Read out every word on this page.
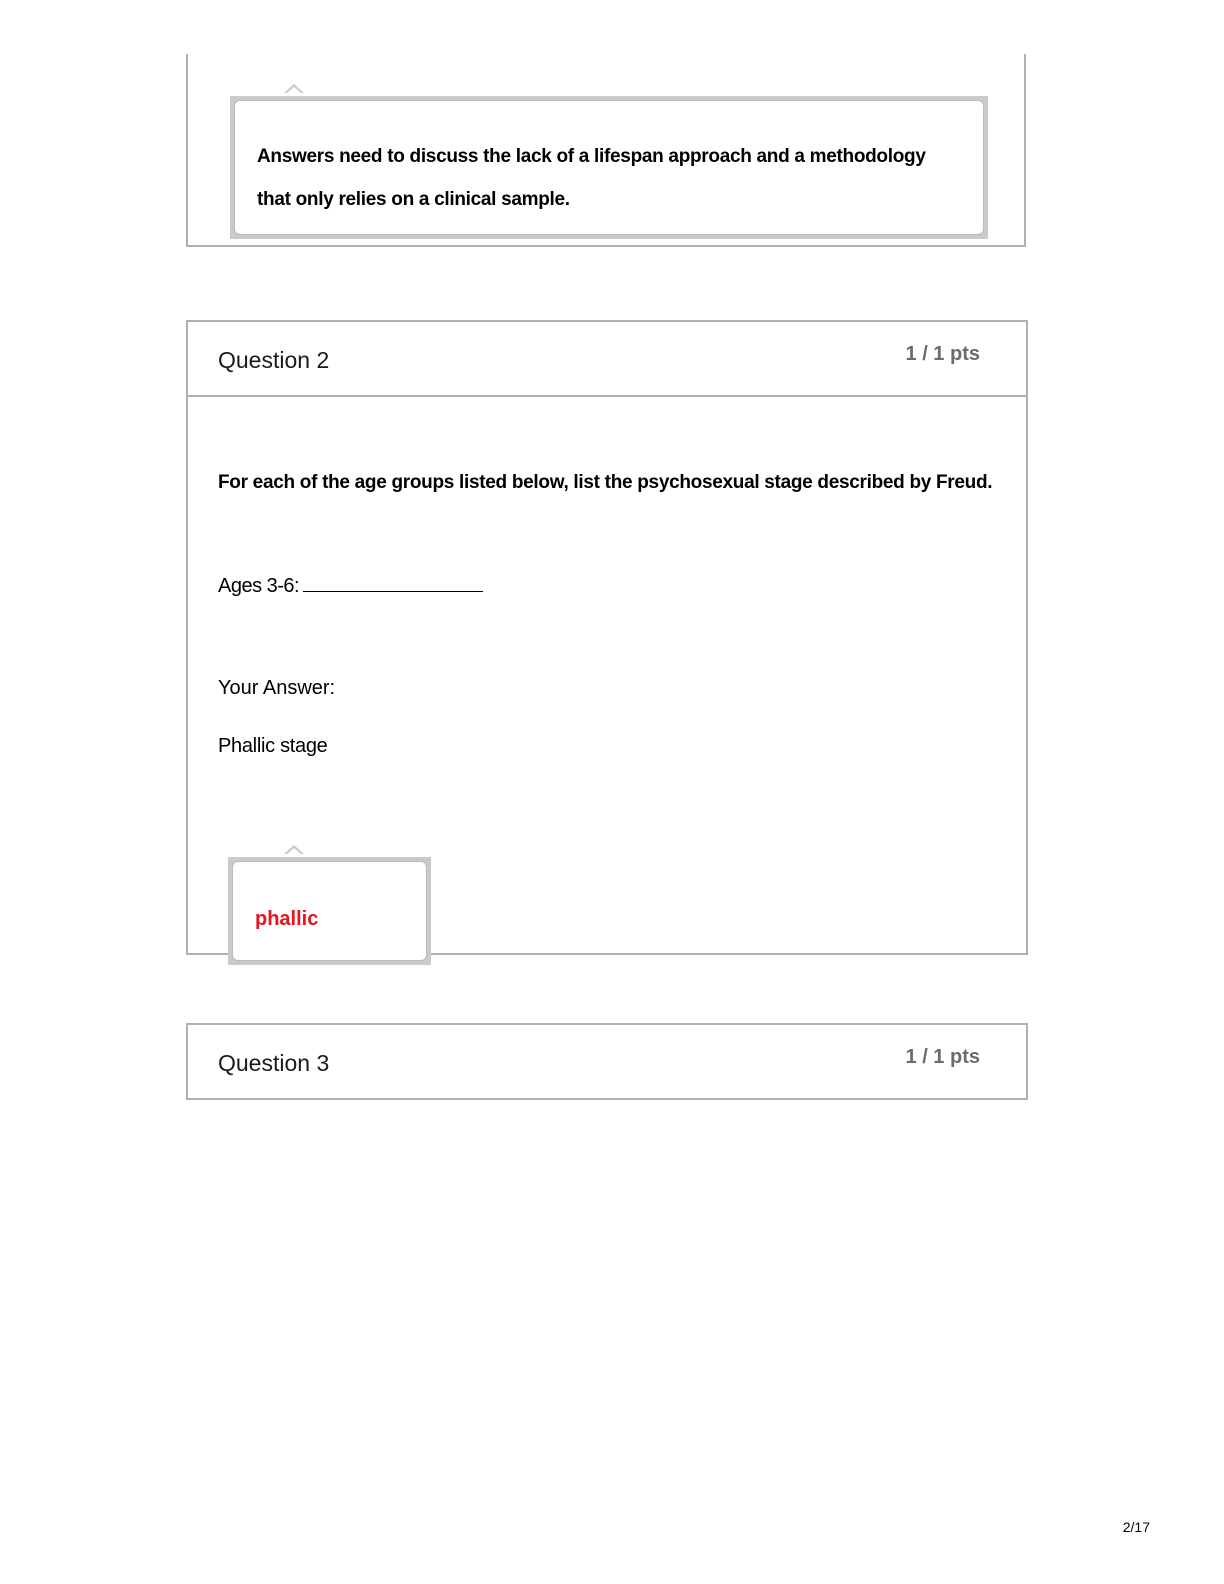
Answers need to discuss the lack of a lifespan approach and a methodology that only relies on a clinical sample.
Question 2	1 / 1 pts
For each of the age groups listed below, list the psychosexual stage described by Freud.
Ages 3-6:
Your Answer:
Phallic stage
phallic
Question 3	1 / 1 pts
2/17
